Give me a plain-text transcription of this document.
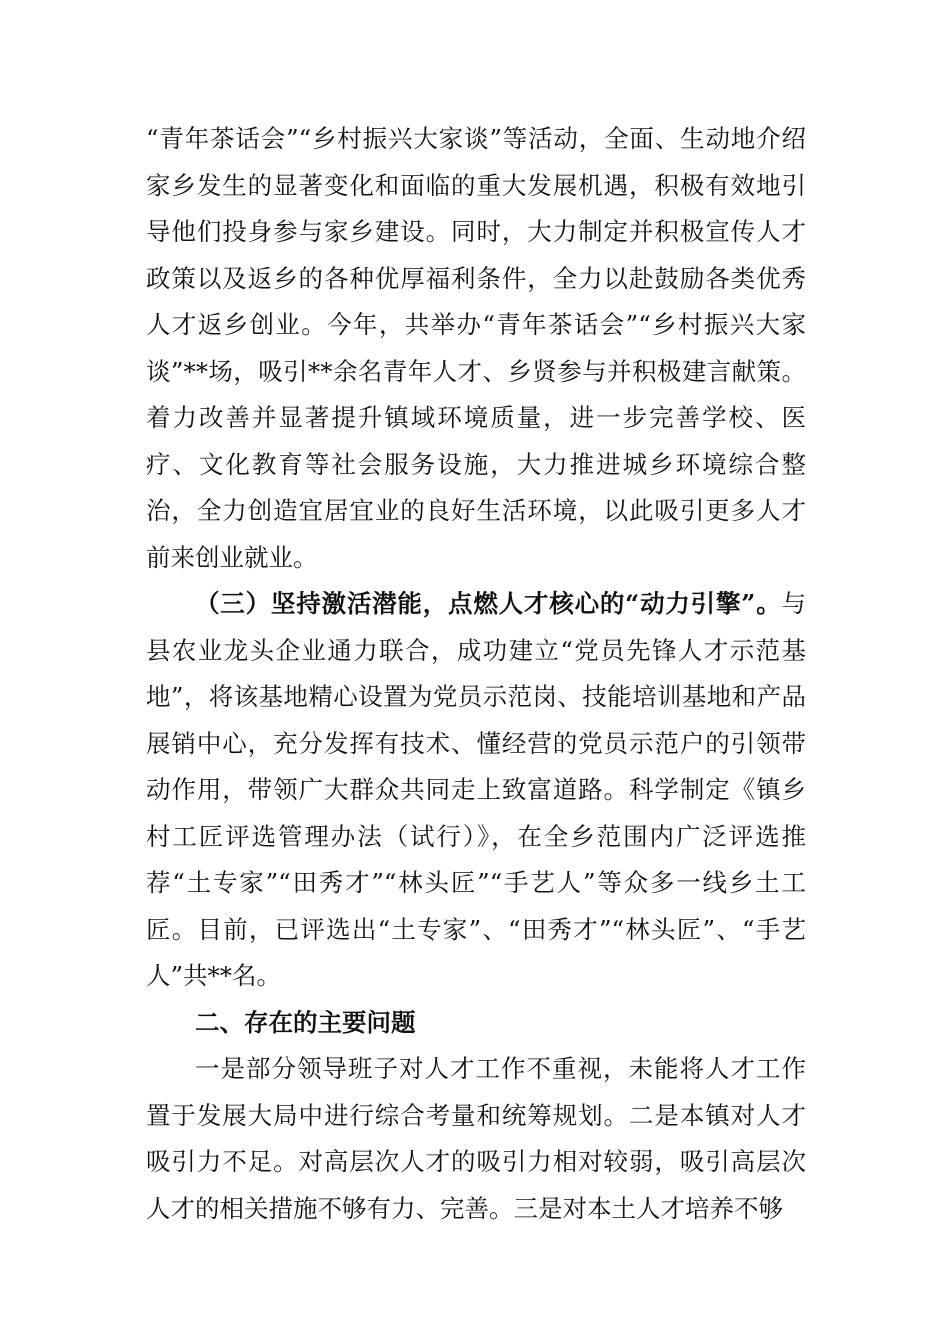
“青年茶话会”“乡村振兴大家谈”等活动，全面、生动地介绍家乡发生的显著变化和面临的重大发展机遇，积极有效地引导他们投身参与家乡建设。同时，大力制定并积极宣传人才政策以及返乡的各种优厚福利条件，全力以赴鼓励各类优秀人才返乡创业。今年，共举办“青年茶话会”“乡村振兴大家谈”**场，吸引**余名青年人才、乡贤参与并积极建言献策。着力改善并显著提升镇域环境质量，进一步完善学校、医疗、文化教育等社会服务设施，大力推进城乡环境综合整治，全力创造宜居宜业的良好生活环境，以此吸引更多人才前来创业就业。

（三）坚持激活潜能，点燃人才核心的“动力引擎”。与县农业龙头企业通力联合，成功建立“党员先锋人才示范基地”，将该基地精心设置为党员示范岗、技能培训基地和产品展销中心，充分发挥有技术、懂经营的党员示范户的引领带动作用，带领广大群众共同走上致富道路。科学制定《镇乡村工匠评选管理办法（试行）》，在全乡范围内广泛评选推荐“土专家”“田秀才”“林头匠”“手艺人”等众多一线乡土工匠。目前，已评选出“土专家”、“田秀才”“林头匠”、“手艺人”共**名。

二、存在的主要问题

一是部分领导班子对人才工作不重视，未能将人才工作置于发展大局中进行综合考量和统筹规划。二是本镇对人才吸引力不足。对高层次人才的吸引力相对较弱，吸引高层次人才的相关措施不够有力、完善。三是对本土人才培养不够
